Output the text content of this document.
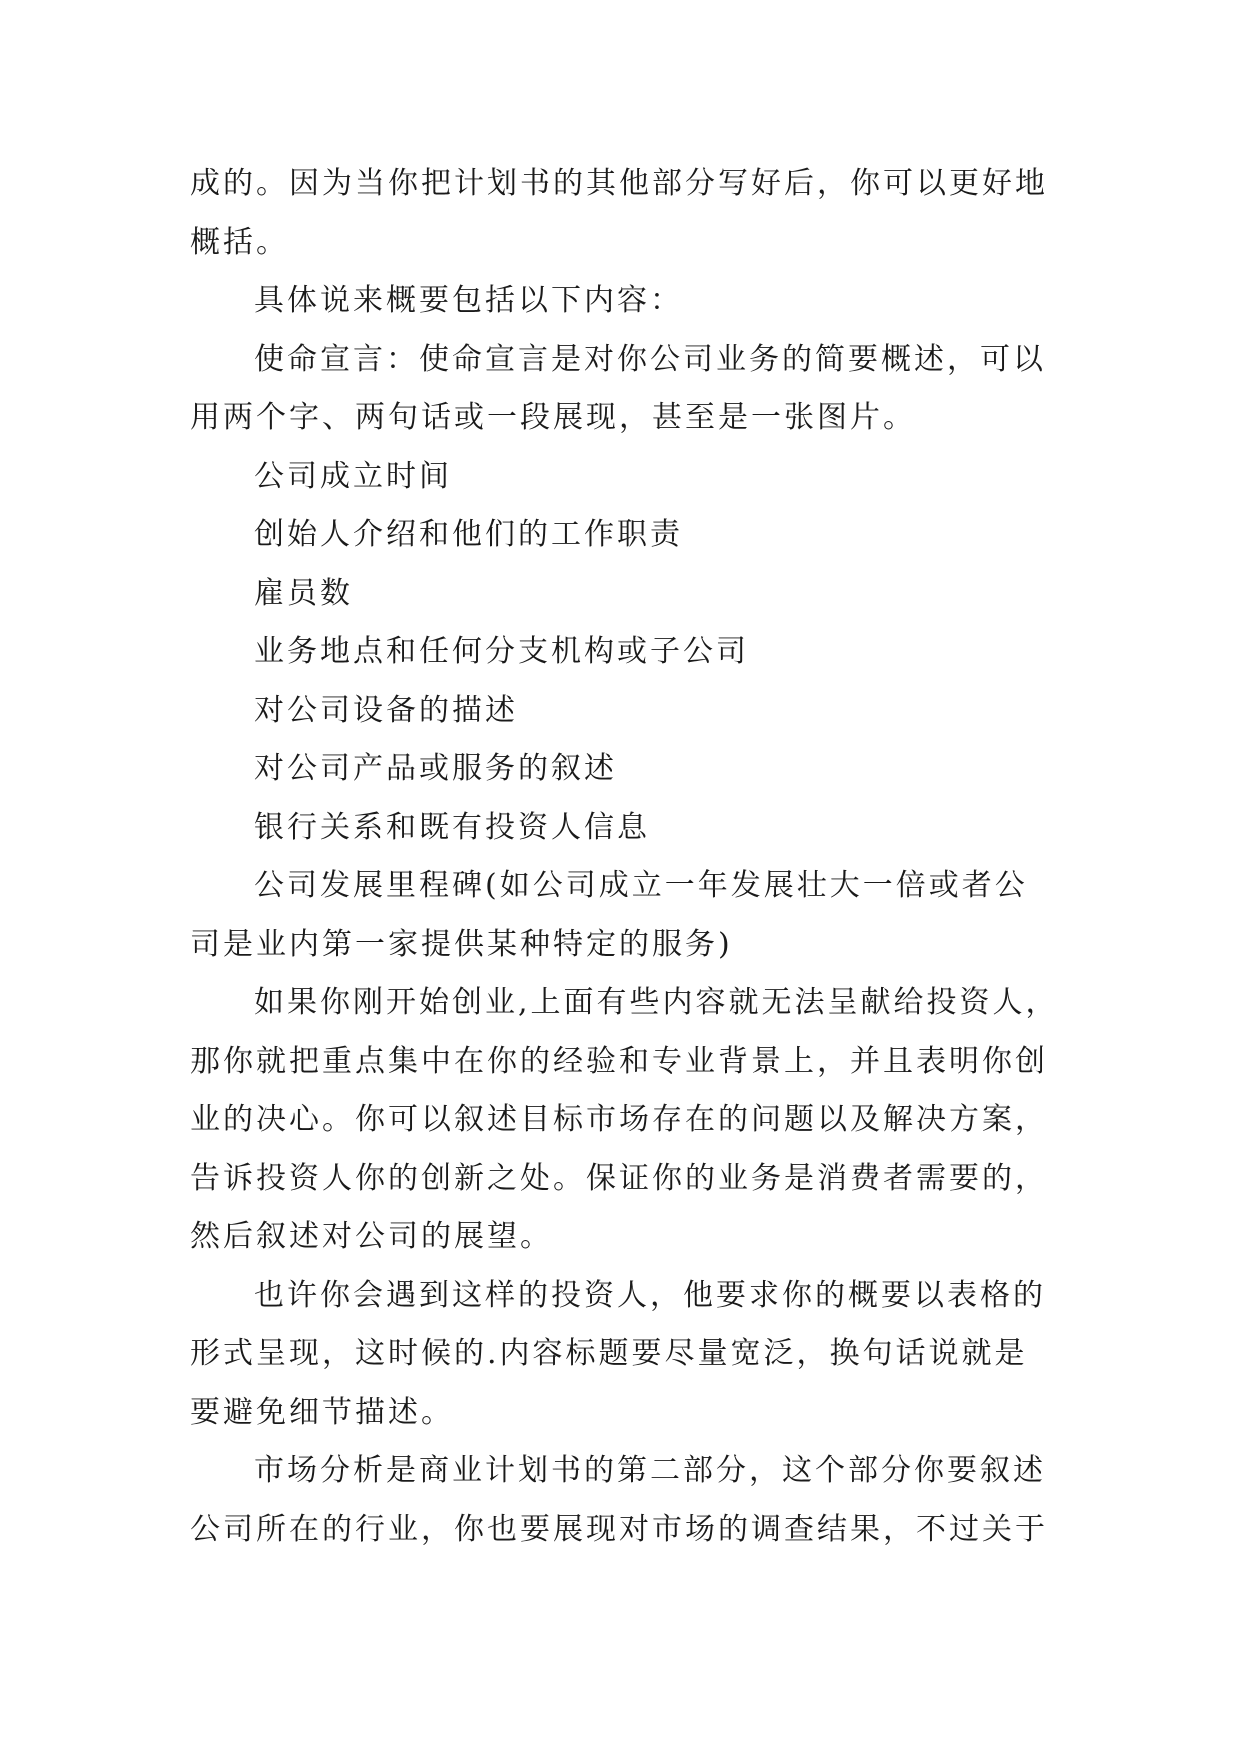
成的。因为当你把计划书的其他部分写好后，你可以更好地概括。

具体说来概要包括以下内容：

使命宣言：使命宣言是对你公司业务的简要概述，可以用两个字、两句话或一段展现，甚至是一张图片。

公司成立时间

创始人介绍和他们的工作职责

雇员数

业务地点和任何分支机构或子公司

对公司设备的描述

对公司产品或服务的叙述

银行关系和既有投资人信息

公司发展里程碑(如公司成立一年发展壮大一倍或者公司是业内第一家提供某种特定的服务)

如果你刚开始创业,上面有些内容就无法呈献给投资人，那你就把重点集中在你的经验和专业背景上，并且表明你创业的决心。你可以叙述目标市场存在的问题以及解决方案，告诉投资人你的创新之处。保证你的业务是消费者需要的，然后叙述对公司的展望。

也许你会遇到这样的投资人，他要求你的概要以表格的形式呈现，这时候的.内容标题要尽量宽泛，换句话说就是要避免细节描述。

市场分析是商业计划书的第二部分，这个部分你要叙述公司所在的行业，你也要展现对市场的调查结果，不过关于
